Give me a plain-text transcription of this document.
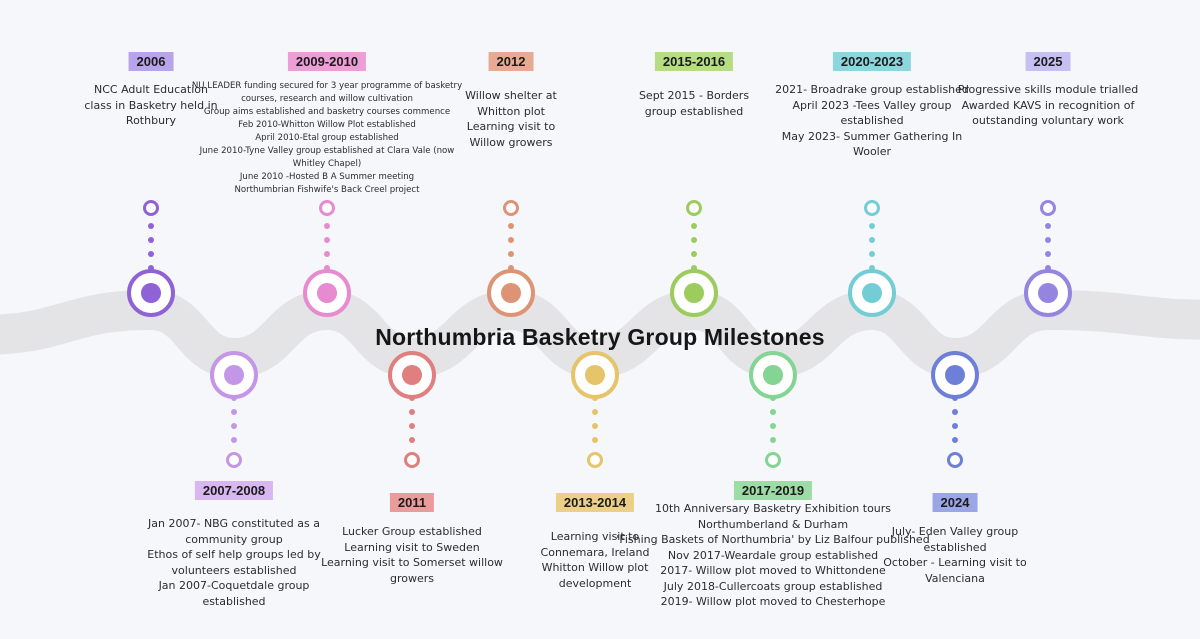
Northumbria Basketry Group Milestones
2006
NCC Adult Education
class in Basketry held in
Rothbury
2007-2008
Jan 2007- NBG constituted as a
community group
Ethos of self help groups led by
volunteers established
Jan 2007-Coquetdale group
established
2009-2010
NU LEADER funding secured for 3 year programme of basketry
courses, research and willow cultivation
Group aims established and basketry courses commence
Feb 2010-Whitton Willow Plot established
April 2010-Etal group established
June 2010-Tyne Valley group established at Clara Vale (now
Whitley Chapel)
June 2010 -Hosted B A Summer meeting
Northumbrian Fishwife's Back Creel project
2011
Lucker Group established
Learning visit to Sweden
Learning visit to Somerset willow
growers
2012
Willow shelter at
Whitton plot
Learning visit to
Willow growers
2013-2014
Learning visit to
Connemara, Ireland
Whitton Willow plot
development
2015-2016
Sept 2015 - Borders
group established
2017-2019
10th Anniversary Basketry Exhibition tours
Northumberland & Durham
'Fishing Baskets of Northumbria' by Liz Balfour published
Nov 2017-Weardale group established
2017- Willow plot moved to Whittondene
July 2018-Cullercoats group established
2019- Willow plot moved to Chesterhope
2020-2023
2021- Broadrake group established
April 2023 -Tees Valley group
established
May 2023- Summer Gathering In
Wooler
2024
July- Eden Valley group
established
October - Learning visit to
Valenciana
2025
Progressive skills module trialled
Awarded KAVS in recognition of
outstanding voluntary work
